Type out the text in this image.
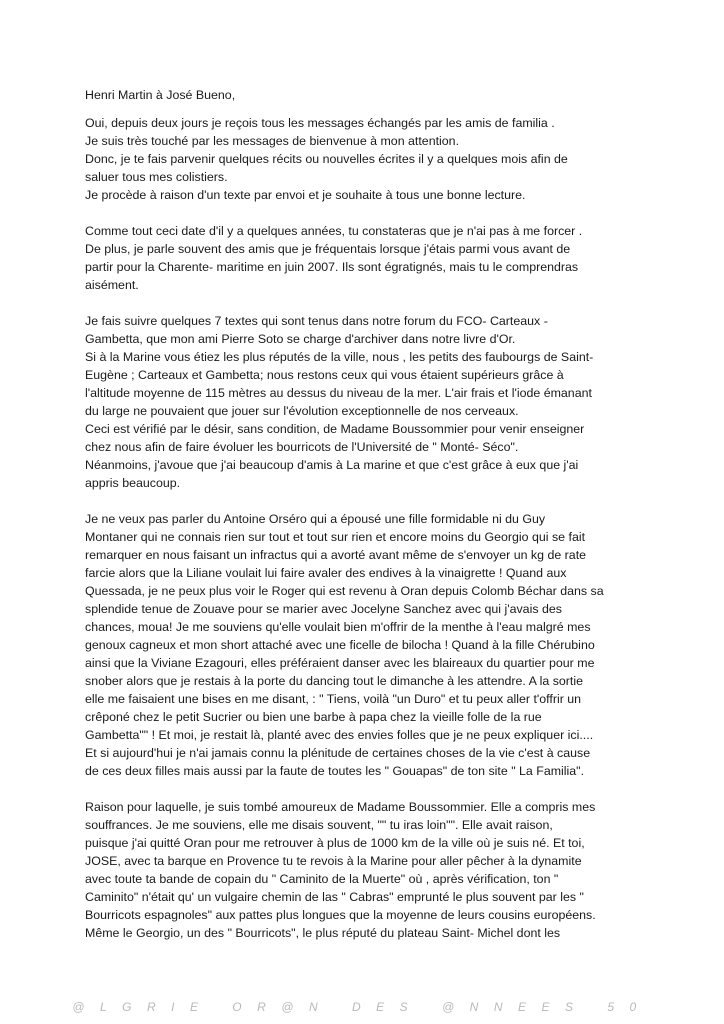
Henri Martin à José Bueno,
Oui, depuis deux jours je reçois tous les messages échangés par les amis de familia .
Je suis très touché par les messages de bienvenue à mon attention.
Donc, je te fais parvenir quelques récits ou nouvelles écrites il y a quelques mois afin de
saluer tous mes colistiers.
Je procède à raison d'un texte par envoi et je souhaite à tous une bonne lecture.
Comme tout ceci date d'il y a quelques années, tu constateras que je n'ai pas à me forcer .
De plus, je parle souvent des amis que je fréquentais lorsque j'étais parmi vous avant de
partir pour la Charente- maritime en juin 2007. Ils sont égratignés, mais tu le comprendras
aisément.
Je fais suivre quelques 7 textes qui sont tenus dans notre forum du FCO- Carteaux -
Gambetta, que mon ami Pierre Soto se charge d'archiver dans notre livre d'Or.
Si à la Marine vous étiez les plus réputés de la ville, nous , les petits des faubourgs de Saint-
Eugène ; Carteaux et Gambetta; nous restons ceux qui vous étaient supérieurs grâce à
l'altitude moyenne de 115 mètres au dessus du niveau de la mer. L'air frais et l'iode émanant
du large ne pouvaient que jouer sur l'évolution exceptionnelle de nos cerveaux.
Ceci est vérifié par le désir, sans condition, de Madame Boussommier pour venir enseigner
chez nous afin de faire évoluer les bourricots de l'Université de " Monté- Séco".
Néanmoins, j'avoue que j'ai beaucoup d'amis à La marine et que c'est grâce à eux que j'ai
appris beaucoup.
Je ne veux pas parler du Antoine Orséro qui a épousé une fille formidable ni du Guy
Montaner qui ne connais rien sur tout et tout sur rien et encore moins du Georgio qui se fait
remarquer en nous faisant un infractus qui a avorté avant même de s'envoyer un kg de rate
farcie alors que la Liliane voulait lui faire avaler des endives à la vinaigrette ! Quand aux
Quessada, je ne peux plus voir le Roger qui est revenu à Oran depuis Colomb Béchar dans sa
splendide tenue de Zouave pour se marier avec Jocelyne Sanchez avec qui j'avais des
chances, moua! Je me souviens qu'elle voulait bien m'offrir de la menthe à l'eau malgré mes
genoux cagneux et mon short attaché avec une ficelle de bilocha ! Quand à la fille Chérubino
ainsi que la Viviane Ezagouri, elles préféraient danser avec les blaireaux du quartier pour me
snober alors que je restais à la porte du dancing tout le dimanche à les attendre. A la sortie
elle me faisaient une bises en me disant, : " Tiens, voilà "un Duro" et tu peux aller t'offrir un
crêponé chez le petit Sucrier ou bien une barbe à papa chez la vieille folle de la rue
Gambetta"" ! Et moi, je restait là, planté avec des envies folles que je ne peux expliquer ici....
Et si aujourd'hui je n'ai jamais connu la plénitude de certaines choses de la vie c'est à cause
de ces deux filles mais aussi par la faute de toutes les " Gouapas" de ton site " La Familia".
Raison pour laquelle, je suis tombé amoureux de Madame Boussommier. Elle a compris mes
souffrances. Je me souviens, elle me disais souvent, "" tu iras loin"". Elle avait raison,
puisque j'ai quitté Oran pour me retrouver à plus de 1000 km de la ville où je suis né. Et toi,
JOSE, avec ta barque en Provence tu te revois à la Marine pour aller pêcher à la dynamite
avec toute ta bande de copain du " Caminito de la Muerte" où , après vérification, ton "
Caminito" n'était qu' un vulgaire chemin de las " Cabras" emprunté le plus souvent par les "
Bourricots espagnoles" aux pattes plus longues que la moyenne de leurs cousins européens.
Même le Georgio, un des " Bourricots", le plus réputé du plateau Saint- Michel dont les
@LGRIE OR@N DES @NNEES 50
